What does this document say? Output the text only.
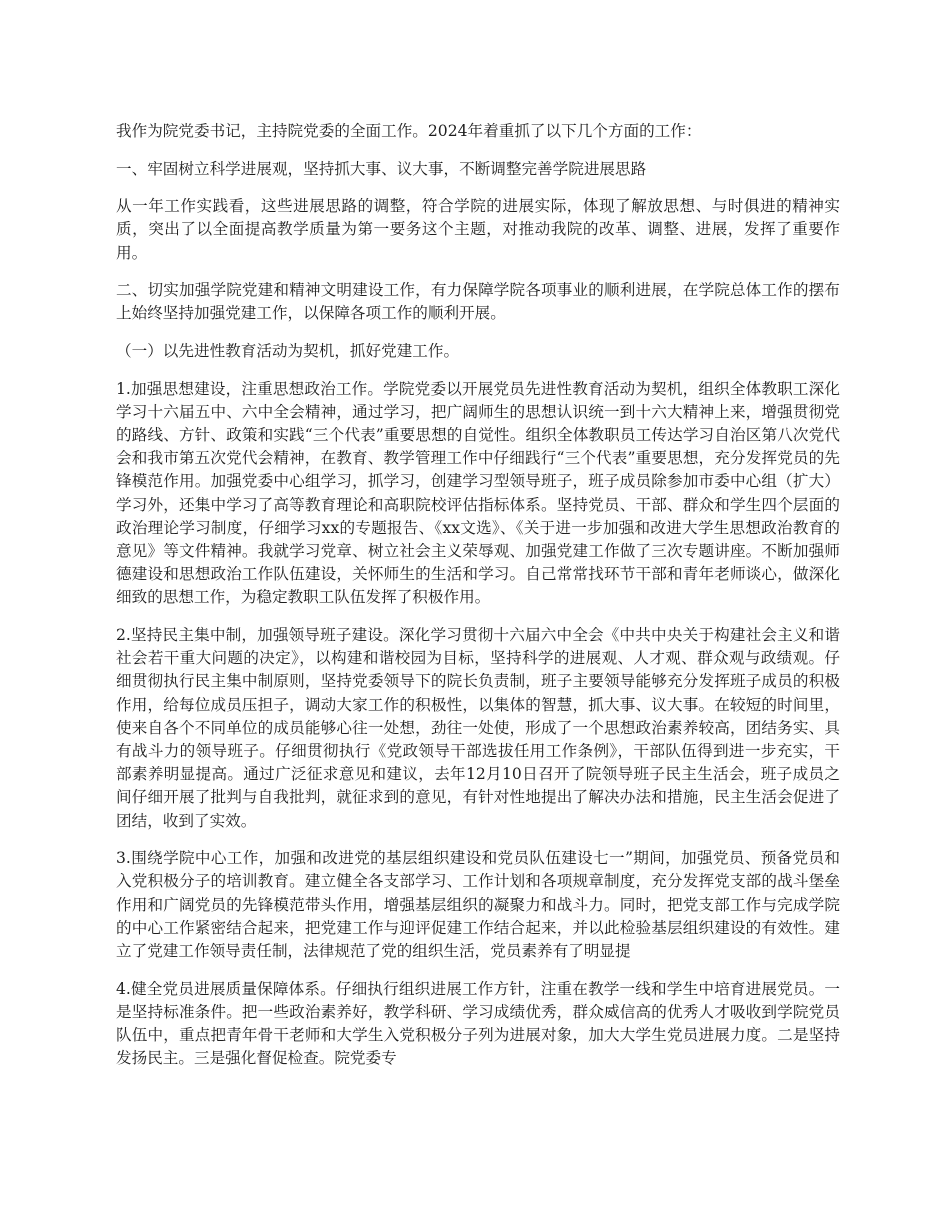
我作为院党委书记，主持院党委的全面工作。2024年着重抓了以下几个方面的工作：

一、牢固树立科学进展观，坚持抓大事、议大事，不断调整完善学院进展思路

从一年工作实践看，这些进展思路的调整，符合学院的进展实际，体现了解放思想、与时俱进的精神实质，突出了以全面提高教学质量为第一要务这个主题，对推动我院的改革、调整、进展，发挥了重要作用。

二、切实加强学院党建和精神文明建设工作，有力保障学院各项事业的顺利进展，在学院总体工作的摆布上始终坚持加强党建工作，以保障各项工作的顺利开展。

（一）以先进性教育活动为契机，抓好党建工作。

1.加强思想建设，注重思想政治工作。学院党委以开展党员先进性教育活动为契机，组织全体教职工深化学习十六届五中、六中全会精神，通过学习，把广阔师生的思想认识统一到十六大精神上来，增强贯彻党的路线、方针、政策和实践“三个代表”重要思想的自觉性。组织全体教职员工传达学习自治区第八次党代会和我市第五次党代会精神，在教育、教学管理工作中仔细践行“三个代表”重要思想，充分发挥党员的先锋模范作用。加强党委中心组学习，抓学习，创建学习型领导班子，班子成员除参加市委中心组（扩大）学习外，还集中学习了高等教育理论和高职院校评估指标体系。坚持党员、干部、群众和学生四个层面的政治理论学习制度，仔细学习xx的专题报告、《xx文选》、《关于进一步加强和改进大学生思想政治教育的意见》等文件精神。我就学习党章、树立社会主义荣辱观、加强党建工作做了三次专题讲座。不断加强师德建设和思想政治工作队伍建设，关怀师生的生活和学习。自己常常找环节干部和青年老师谈心，做深化细致的思想工作，为稳定教职工队伍发挥了积极作用。

2.坚持民主集中制，加强领导班子建设。深化学习贯彻十六届六中全会《中共中央关于构建社会主义和谐社会若干重大问题的决定》，以构建和谐校园为目标，坚持科学的进展观、人才观、群众观与政绩观。仔细贯彻执行民主集中制原则，坚持党委领导下的院长负责制，班子主要领导能够充分发挥班子成员的积极作用，给每位成员压担子，调动大家工作的积极性，以集体的智慧，抓大事、议大事。在较短的时间里，使来自各个不同单位的成员能够心往一处想，劲往一处使，形成了一个思想政治素养较高，团结务实、具有战斗力的领导班子。仔细贯彻执行《党政领导干部选拔任用工作条例》，干部队伍得到进一步充实，干部素养明显提高。通过广泛征求意见和建议，去年12月10日召开了院领导班子民主生活会，班子成员之间仔细开展了批判与自我批判，就征求到的意见，有针对性地提出了解决办法和措施，民主生活会促进了团结，收到了实效。

3.围绕学院中心工作，加强和改进党的基层组织建设和党员队伍建设七一”期间，加强党员、预备党员和入党积极分子的培训教育。建立健全各支部学习、工作计划和各项规章制度，充分发挥党支部的战斗堡垒作用和广阔党员的先锋模范带头作用，增强基层组织的凝聚力和战斗力。同时，把党支部工作与完成学院的中心工作紧密结合起来，把党建工作与迎评促建工作结合起来，并以此检验基层组织建设的有效性。建立了党建工作领导责任制，法律规范了党的组织生活，党员素养有了明显提

4.健全党员进展质量保障体系。仔细执行组织进展工作方针，注重在教学一线和学生中培育进展党员。一是坚持标准条件。把一些政治素养好，教学科研、学习成绩优秀，群众威信高的优秀人才吸收到学院党员队伍中，重点把青年骨干老师和大学生入党积极分子列为进展对象，加大大学生党员进展力度。二是坚持发扬民主。三是强化督促检查。院党委专
